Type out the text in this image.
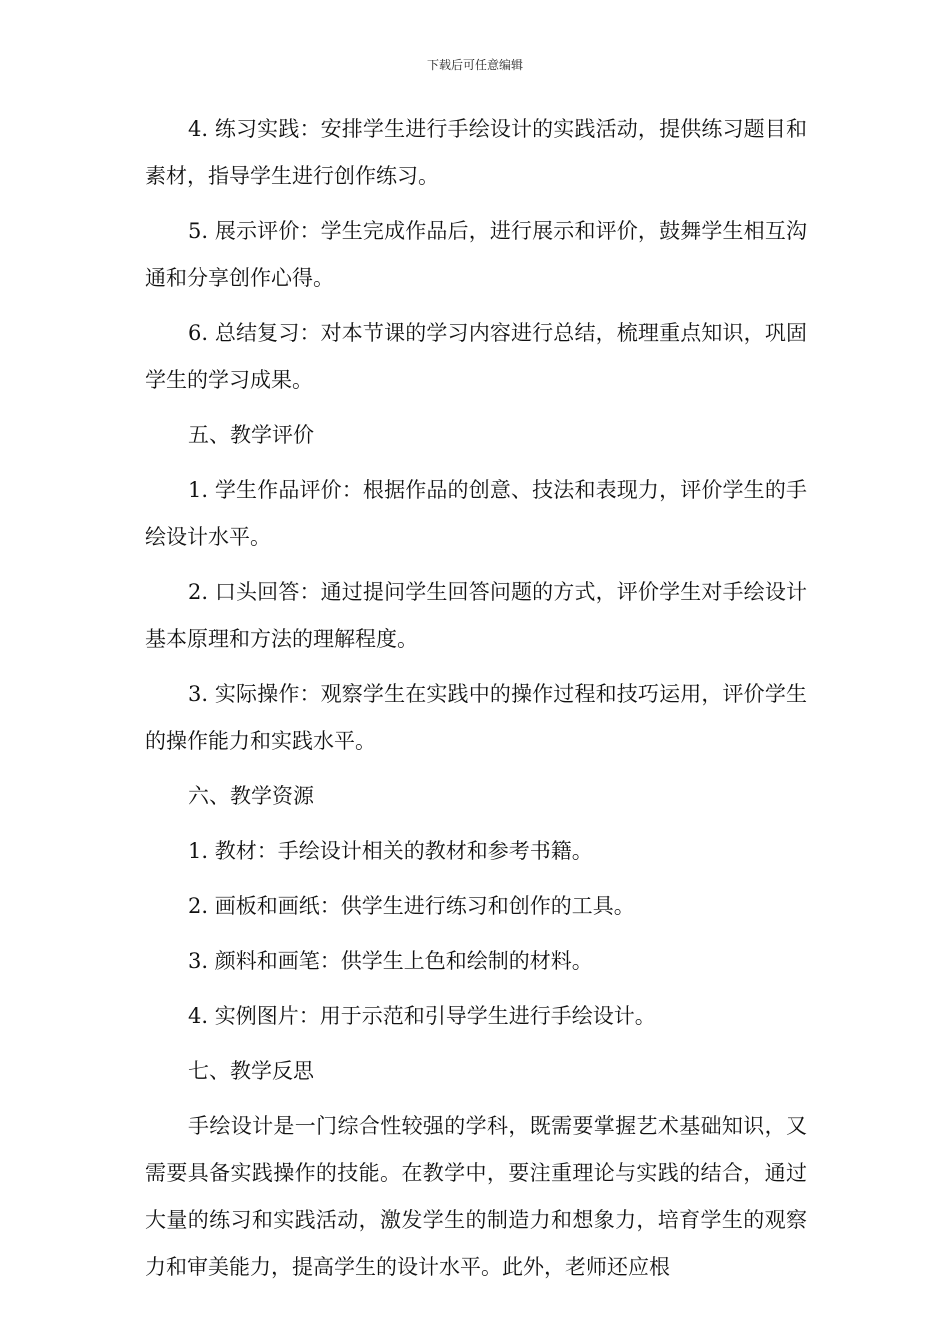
下载后可任意编辑

4. 练习实践：安排学生进行手绘设计的实践活动，提供练习题目和素材，指导学生进行创作练习。

5. 展示评价：学生完成作品后，进行展示和评价，鼓舞学生相互沟通和分享创作心得。

6. 总结复习：对本节课的学习内容进行总结，梳理重点知识，巩固学生的学习成果。

五、教学评价

1. 学生作品评价：根据作品的创意、技法和表现力，评价学生的手绘设计水平。

2. 口头回答：通过提问学生回答问题的方式，评价学生对手绘设计基本原理和方法的理解程度。

3. 实际操作：观察学生在实践中的操作过程和技巧运用，评价学生的操作能力和实践水平。

六、教学资源

1. 教材：手绘设计相关的教材和参考书籍。

2. 画板和画纸：供学生进行练习和创作的工具。

3. 颜料和画笔：供学生上色和绘制的材料。

4. 实例图片：用于示范和引导学生进行手绘设计。

七、教学反思

手绘设计是一门综合性较强的学科，既需要掌握艺术基础知识，又需要具备实践操作的技能。在教学中，要注重理论与实践的结合，通过大量的练习和实践活动，激发学生的制造力和想象力，培育学生的观察力和审美能力，提高学生的设计水平。此外，老师还应根
